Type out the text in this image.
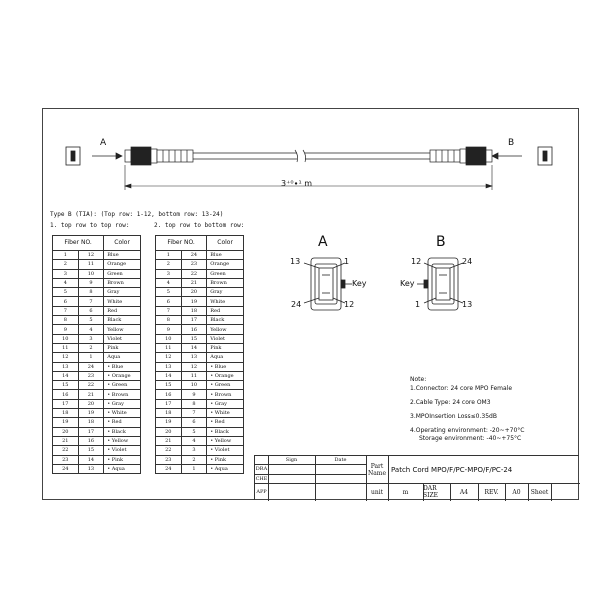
A	B
3⁺⁰∙¹ m
Type B (TIA): (Top row: 1-12, bottom row: 13-24)
1. top row to top row:	2. top row to bottom row:
Fiber NO.		Color
1	12	Blue
2	11	Orange
3	10	Green
4	9	Brown
5	8	Gray
6	7	White
7	6	Red
8	5	Black
9	4	Yellow
10	3	Violet
11	2	Pink
12	1	Aqua
13	24	• Blue
14	23	• Orange
15	22	• Green
16	21	• Brown
17	20	• Gray
18	19	• White
19	18	• Red
20	17	• Black
21	16	• Yellow
22	15	• Violet
23	14	• Pink
24	13	• Aqua
Fiber NO.		Color
1	24	Blue
2	23	Orange
3	22	Green
4	21	Brown
5	20	Gray
6	19	White
7	18	Red
8	17	Black
9	16	Yellow
10	15	Violet
11	14	Pink
12	13	Aqua
13	12	• Blue
14	11	• Orange
15	10	• Green
16	9	• Brown
17	8	• Gray
18	7	• White
19	6	• Red
20	5	• Black
21	4	• Yellow
22	3	• Violet
23	2	• Pink
24	1	• Aqua
A
13	1
24	12
Key
B
12	24
1	13
Key
Note:
1.Connector: 24 core MPO Female
2.Cable Type: 24 core OM3
3.MPOInsertion Loss≤0.35dB
4.Operating environment: -20~+70°C
Storage environment: -40~+75°C
Sign	Date
DRA
CHE
APP
Part Name Patch Cord MPO/F/PC-MPO/F/PC-24
unit	m	DAR SIZE	A4	REV.	A0	Sheet
